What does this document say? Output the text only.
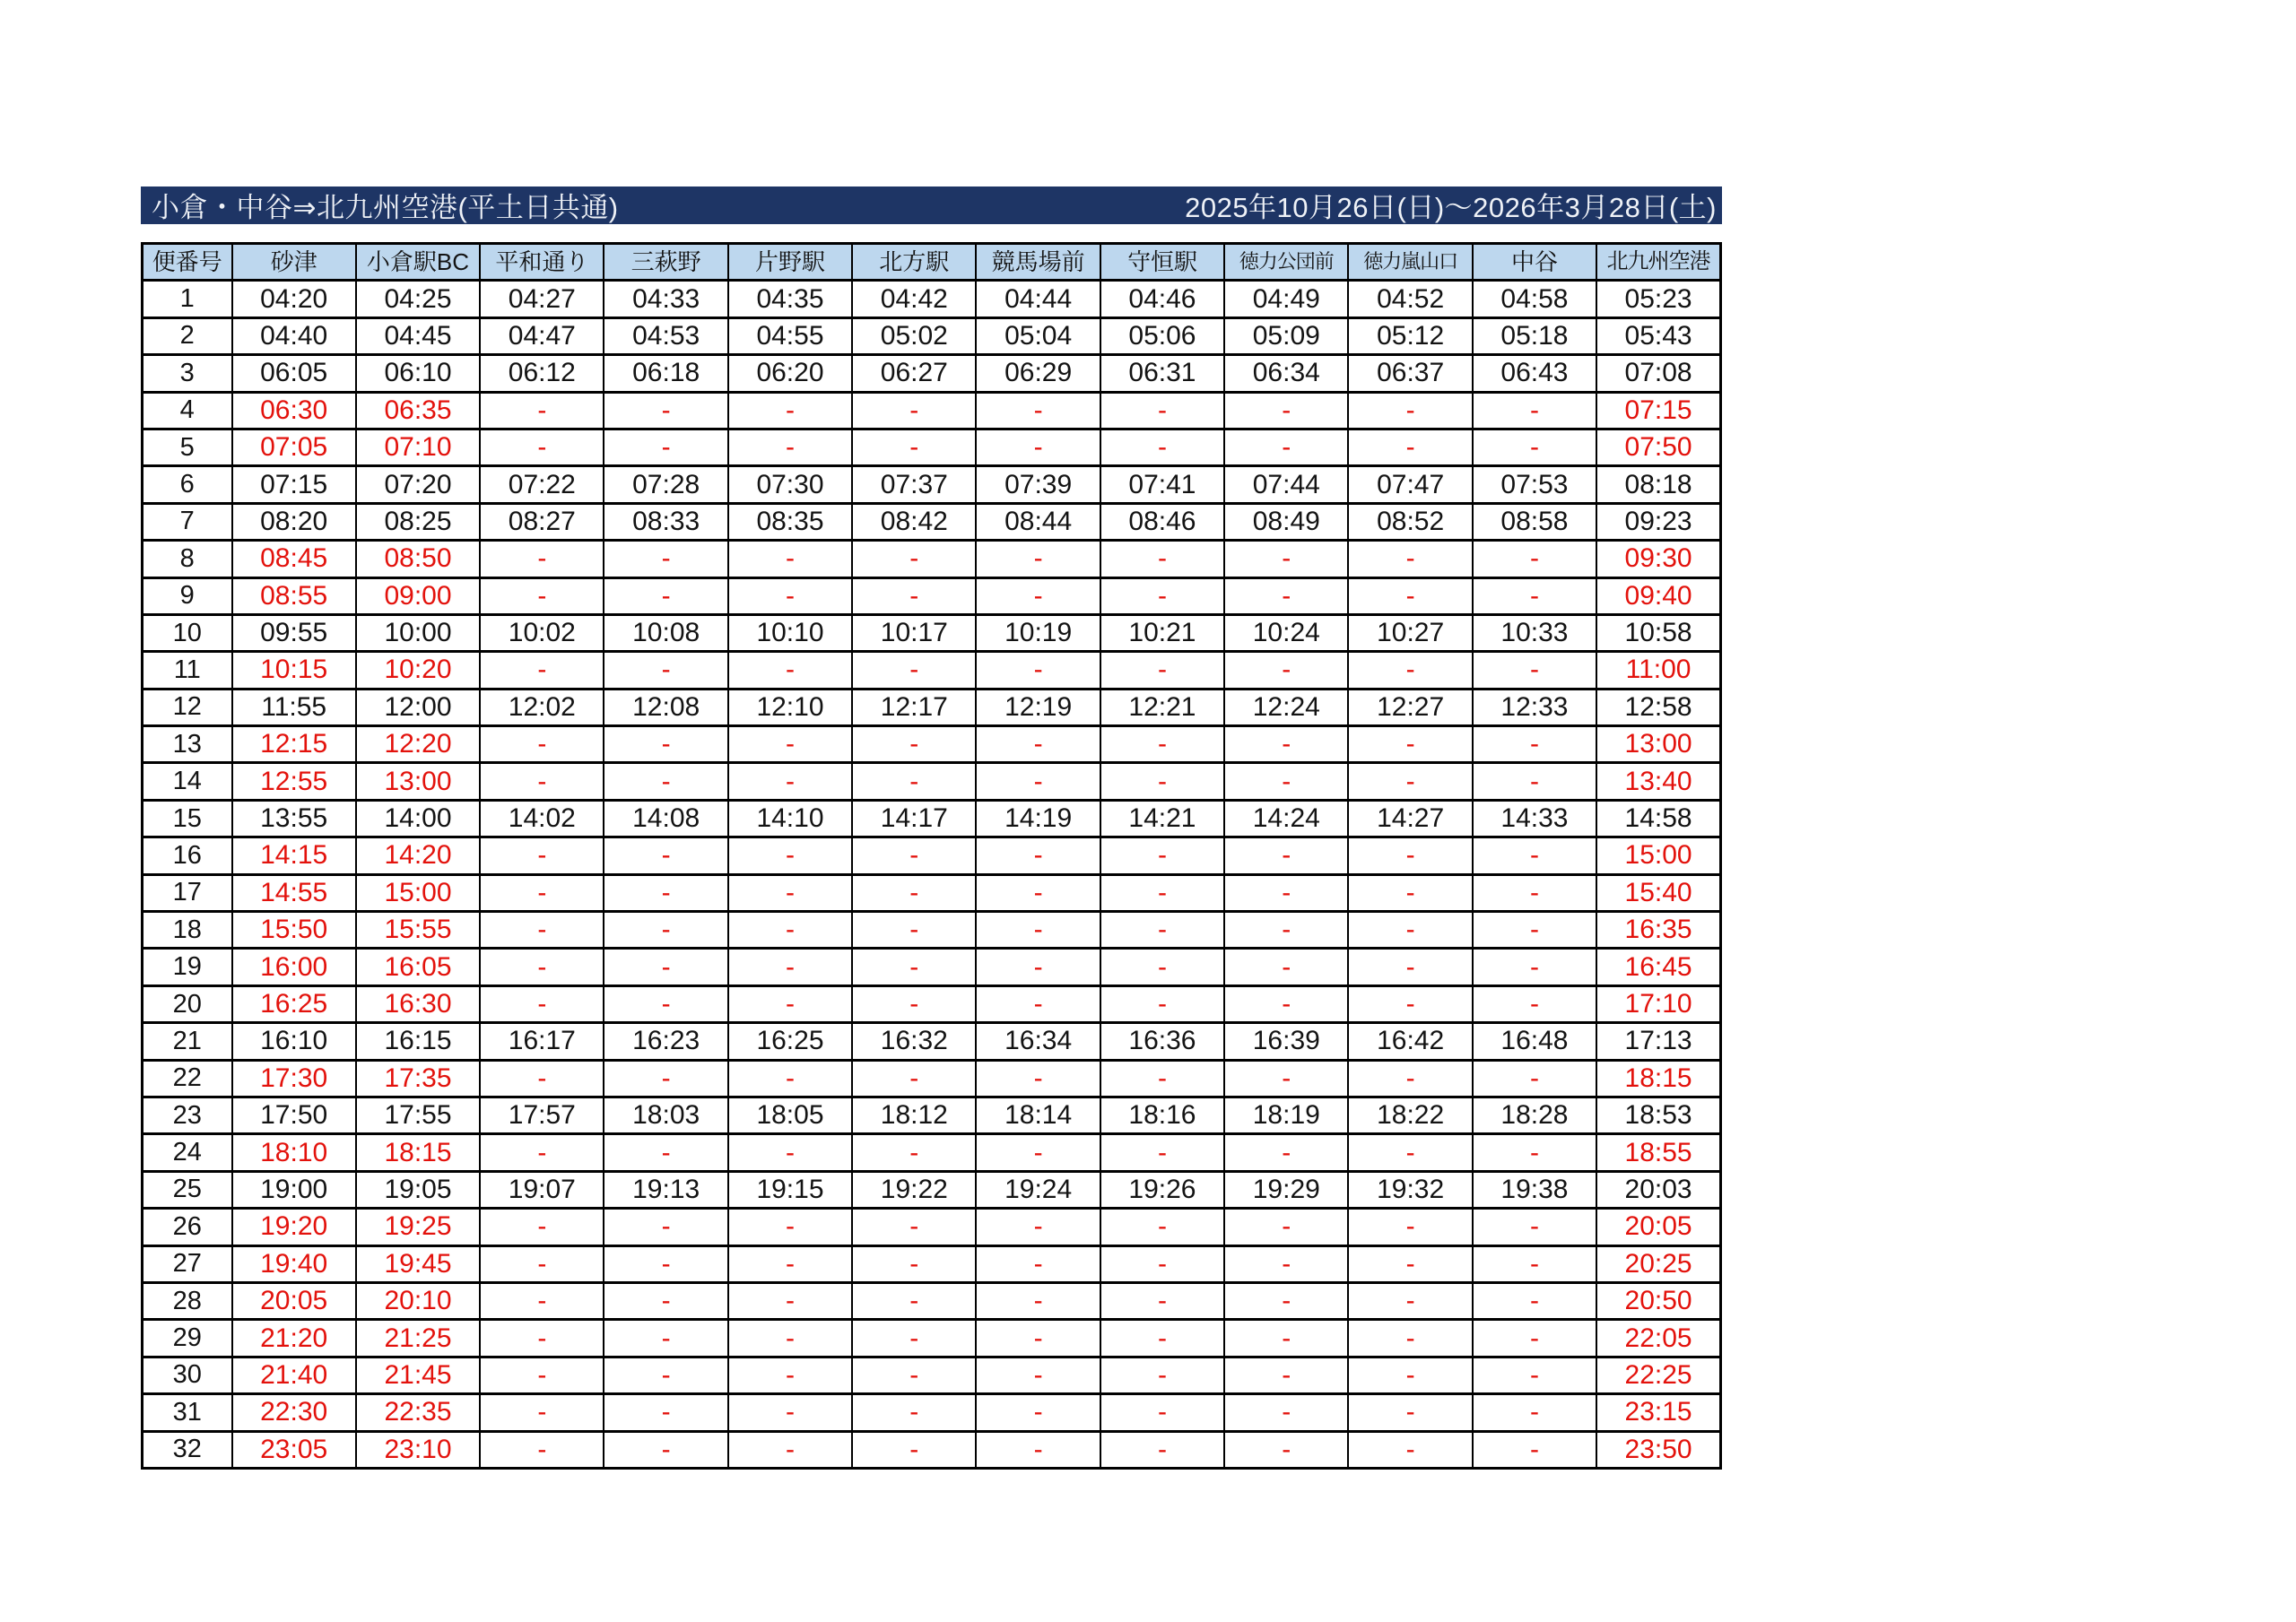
小倉・中谷⇒北九州空港(平土日共通)	2025年10月26日(日)～2026年3月28日(土)
便番号	砂津	小倉駅BC	平和通り	三萩野	片野駅	北方駅	競馬場前	守恒駅	徳力公団前	徳力嵐山口	中谷	北九州空港
1	04:20	04:25	04:27	04:33	04:35	04:42	04:44	04:46	04:49	04:52	04:58	05:23
2	04:40	04:45	04:47	04:53	04:55	05:02	05:04	05:06	05:09	05:12	05:18	05:43
3	06:05	06:10	06:12	06:18	06:20	06:27	06:29	06:31	06:34	06:37	06:43	07:08
4	06:30	06:35	-	-	-	-	-	-	-	-	-	07:15
5	07:05	07:10	-	-	-	-	-	-	-	-	-	07:50
6	07:15	07:20	07:22	07:28	07:30	07:37	07:39	07:41	07:44	07:47	07:53	08:18
7	08:20	08:25	08:27	08:33	08:35	08:42	08:44	08:46	08:49	08:52	08:58	09:23
8	08:45	08:50	-	-	-	-	-	-	-	-	-	09:30
9	08:55	09:00	-	-	-	-	-	-	-	-	-	09:40
10	09:55	10:00	10:02	10:08	10:10	10:17	10:19	10:21	10:24	10:27	10:33	10:58
11	10:15	10:20	-	-	-	-	-	-	-	-	-	11:00
12	11:55	12:00	12:02	12:08	12:10	12:17	12:19	12:21	12:24	12:27	12:33	12:58
13	12:15	12:20	-	-	-	-	-	-	-	-	-	13:00
14	12:55	13:00	-	-	-	-	-	-	-	-	-	13:40
15	13:55	14:00	14:02	14:08	14:10	14:17	14:19	14:21	14:24	14:27	14:33	14:58
16	14:15	14:20	-	-	-	-	-	-	-	-	-	15:00
17	14:55	15:00	-	-	-	-	-	-	-	-	-	15:40
18	15:50	15:55	-	-	-	-	-	-	-	-	-	16:35
19	16:00	16:05	-	-	-	-	-	-	-	-	-	16:45
20	16:25	16:30	-	-	-	-	-	-	-	-	-	17:10
21	16:10	16:15	16:17	16:23	16:25	16:32	16:34	16:36	16:39	16:42	16:48	17:13
22	17:30	17:35	-	-	-	-	-	-	-	-	-	18:15
23	17:50	17:55	17:57	18:03	18:05	18:12	18:14	18:16	18:19	18:22	18:28	18:53
24	18:10	18:15	-	-	-	-	-	-	-	-	-	18:55
25	19:00	19:05	19:07	19:13	19:15	19:22	19:24	19:26	19:29	19:32	19:38	20:03
26	19:20	19:25	-	-	-	-	-	-	-	-	-	20:05
27	19:40	19:45	-	-	-	-	-	-	-	-	-	20:25
28	20:05	20:10	-	-	-	-	-	-	-	-	-	20:50
29	21:20	21:25	-	-	-	-	-	-	-	-	-	22:05
30	21:40	21:45	-	-	-	-	-	-	-	-	-	22:25
31	22:30	22:35	-	-	-	-	-	-	-	-	-	23:15
32	23:05	23:10	-	-	-	-	-	-	-	-	-	23:50
